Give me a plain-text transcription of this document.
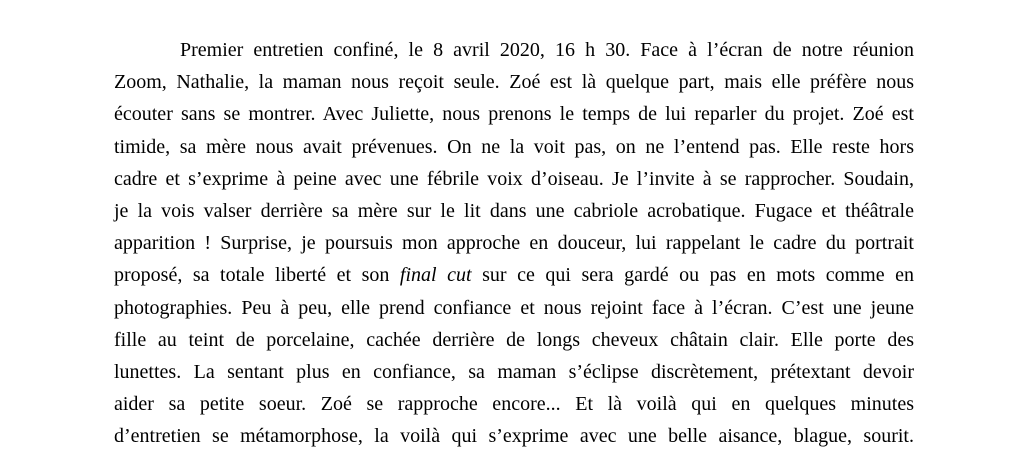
Premier entretien confiné, le 8 avril 2020, 16 h 30. Face à l’écran de notre réunion
Zoom, Nathalie, la maman nous reçoit seule. Zoé est là quelque part, mais elle préfère nous
écouter sans se montrer. Avec Juliette, nous prenons le temps de lui reparler du projet. Zoé est
timide, sa mère nous avait prévenues. On ne la voit pas, on ne l’entend pas. Elle reste hors
cadre et s’exprime à peine avec une fébrile voix d’oiseau. Je l’invite à se rapprocher. Soudain,
je la vois valser derrière sa mère sur le lit dans une cabriole acrobatique. Fugace et théâtrale
apparition ! Surprise, je poursuis mon approche en douceur, lui rappelant le cadre du portrait
proposé, sa totale liberté et son final cut sur ce qui sera gardé ou pas en mots comme en
photographies. Peu à peu, elle prend confiance et nous rejoint face à l’écran. C’est une jeune
fille au teint de porcelaine, cachée derrière de longs cheveux châtain clair. Elle porte des
lunettes. La sentant plus en confiance, sa maman s’éclipse discrètement, prétextant devoir
aider sa petite soeur. Zoé se rapproche encore... Et là voilà qui en quelques minutes
d’entretien se métamorphose, la voilà qui s’exprime avec une belle aisance, blague, sourit.
